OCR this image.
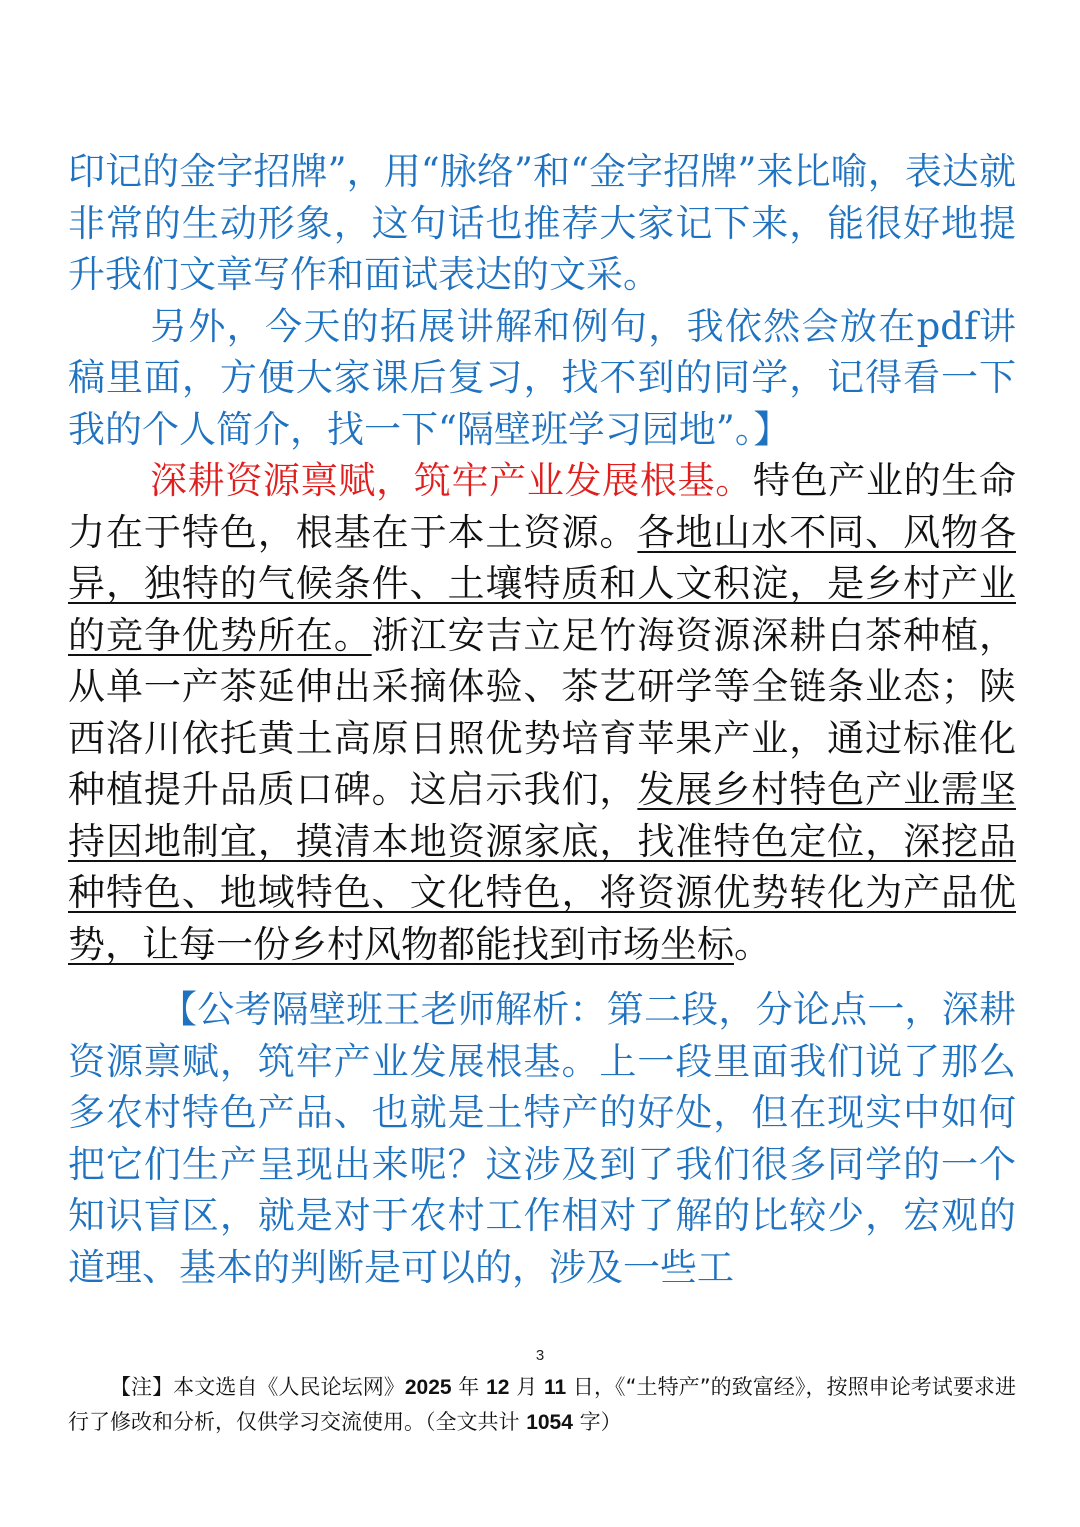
印记的金字招牌”，用“脉络”和“金字招牌”来比喻，表达就非常的生动形象，这句话也推荐大家记下来，能很好地提升我们文章写作和面试表达的文采。

另外，今天的拓展讲解和例句，我依然会放在pdf讲稿里面，方便大家课后复习，找不到的同学，记得看一下我的个人简介，找一下“隔壁班学习园地”。】

深耕资源禀赋，筑牢产业发展根基。特色产业的生命力在于特色，根基在于本土资源。各地山水不同、风物各异，独特的气候条件、土壤特质和人文积淀，是乡村产业的竞争优势所在。浙江安吉立足竹海资源深耕白茶种植，从单一产茶延伸出采摘体验、茶艺研学等全链条业态；陕西洛川依托黄土高原日照优势培育苹果产业，通过标准化种植提升品质口碑。这启示我们，发展乡村特色产业需坚持因地制宜，摸清本地资源家底，找准特色定位，深挖品种特色、地域特色、文化特色，将资源优势转化为产品优势，让每一份乡村风物都能找到市场坐标。

【公考隔壁班王老师解析：第二段，分论点一，深耕资源禀赋，筑牢产业发展根基。上一段里面我们说了那么多农村特色产品、也就是土特产的好处，但在现实中如何把它们生产呈现出来呢？这涉及到了我们很多同学的一个知识盲区，就是对于农村工作相对了解的比较少，宏观的道理、基本的判断是可以的，涉及一些工

3
【注】本文选自《人民论坛网》2025 年 12 月 11 日，《“土特产”的致富经》，按照申论考试要求进行了修改和分析，仅供学习交流使用。（全文共计 1054 字）
